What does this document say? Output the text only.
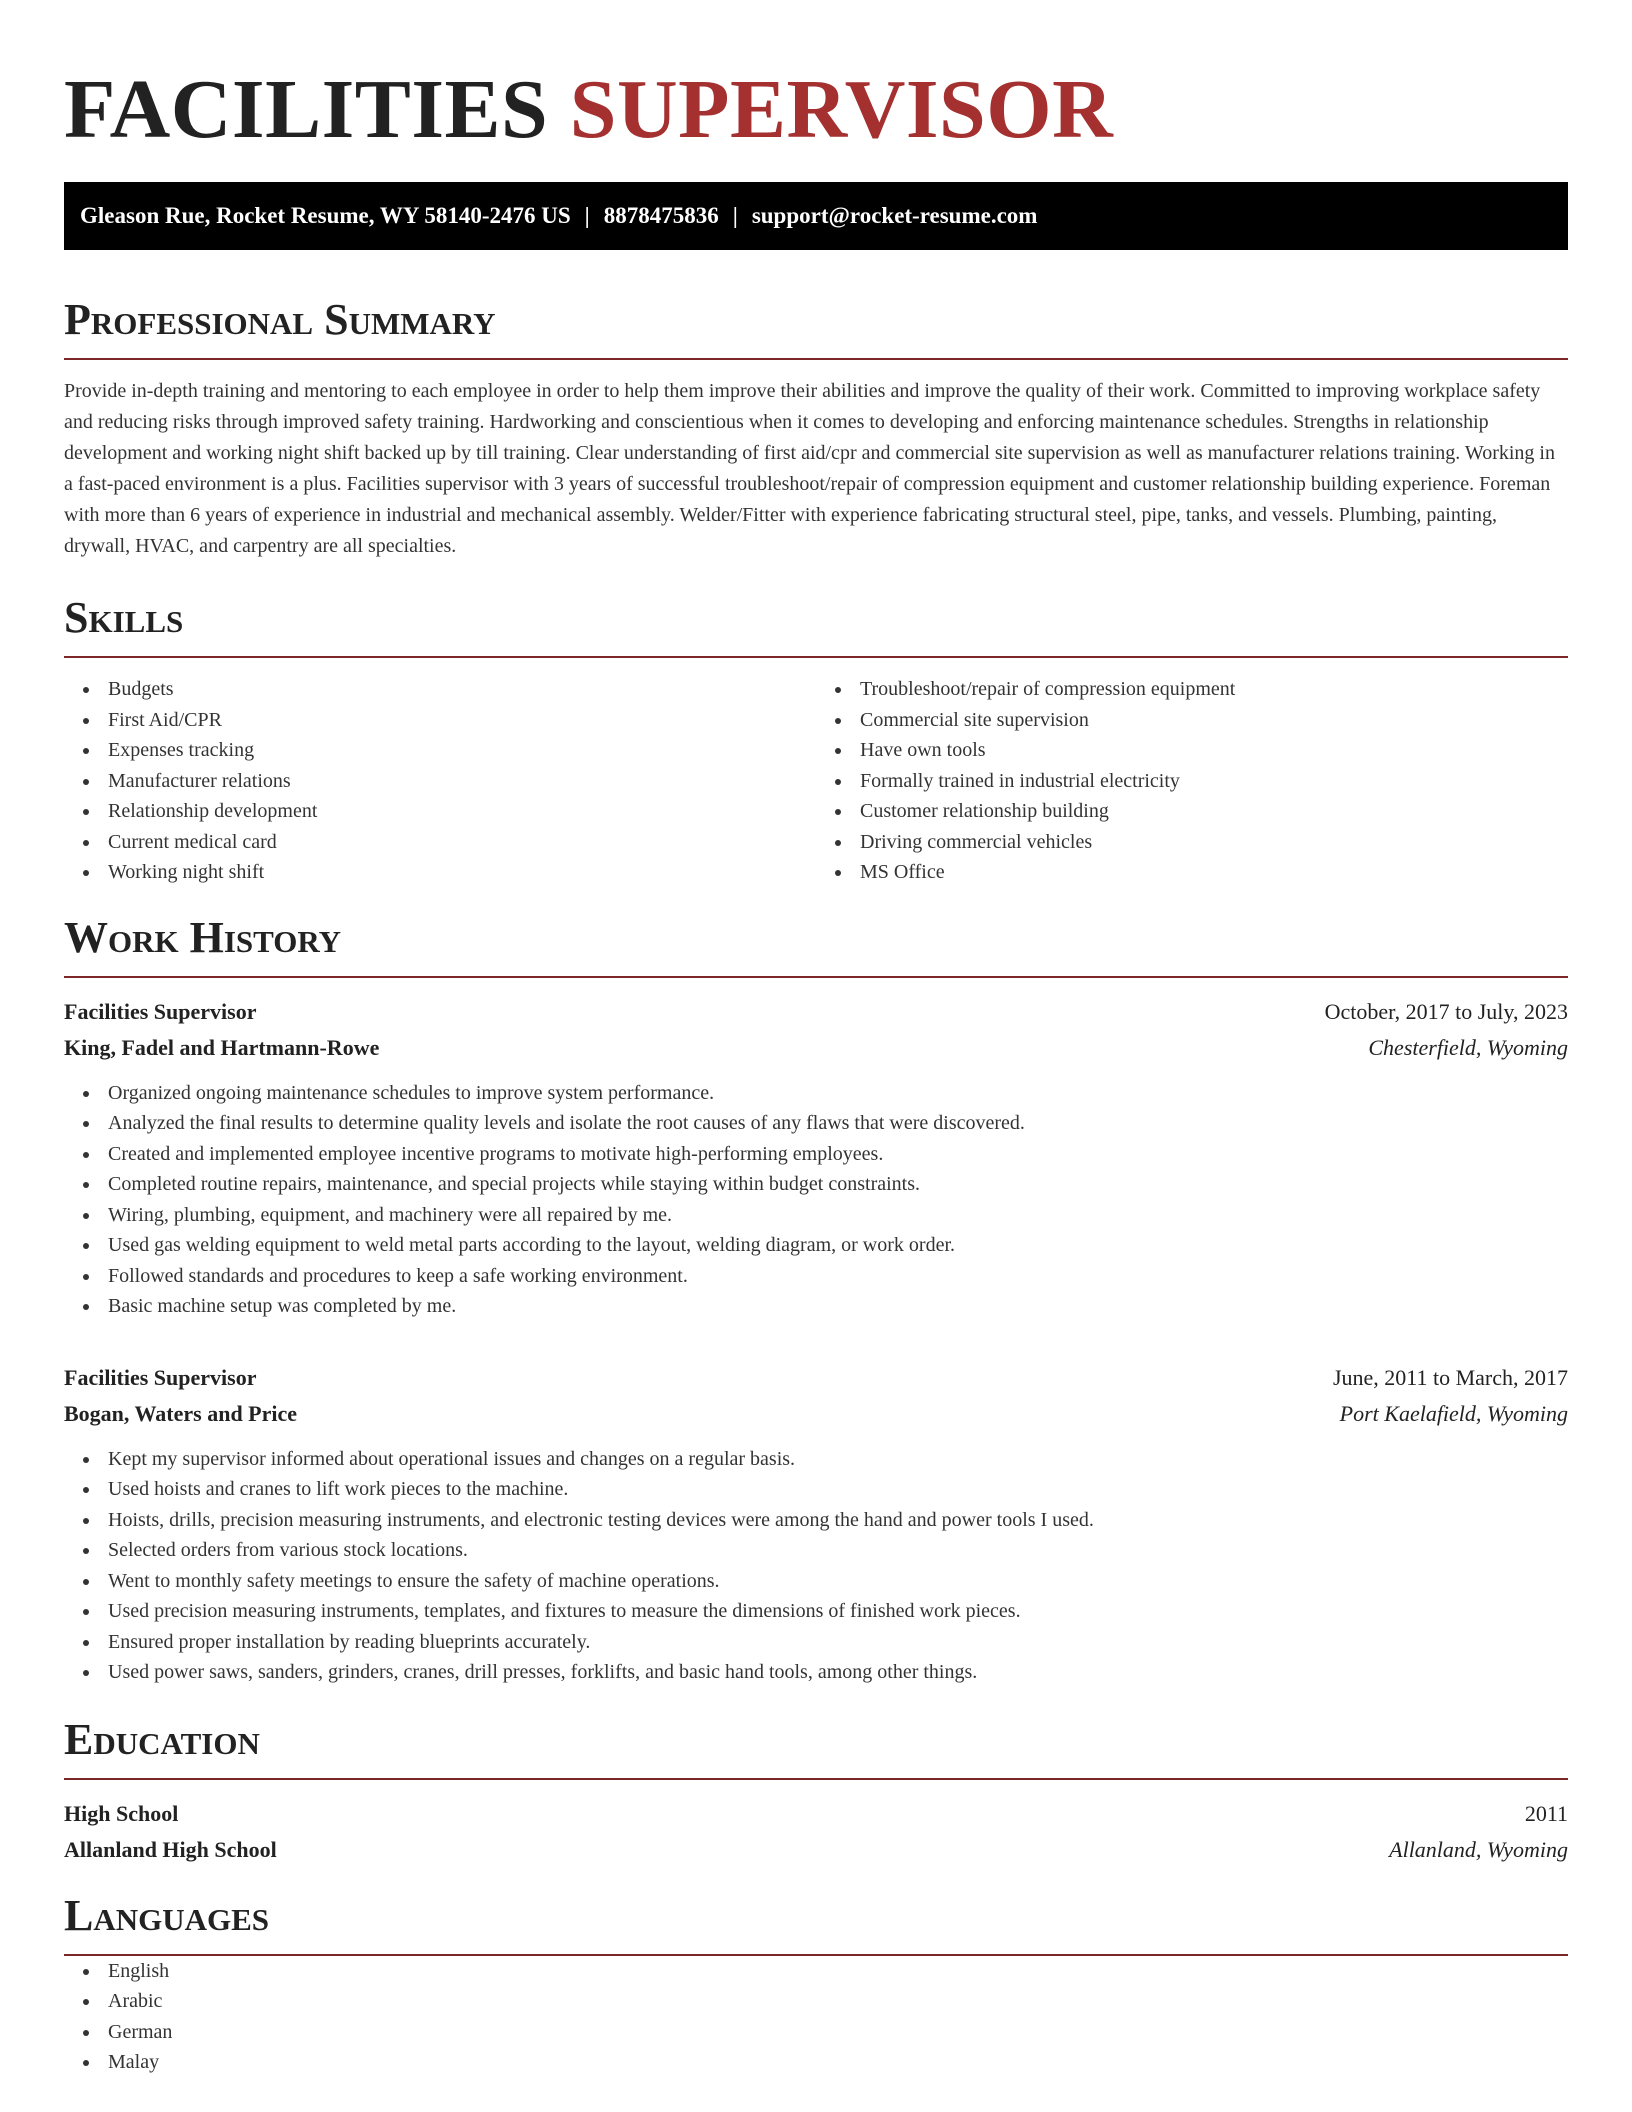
FACILITIES SUPERVISOR
Gleason Rue, Rocket Resume, WY 58140-2476 US | 8878475836 | support@rocket-resume.com
Professional Summary

Provide in-depth training and mentoring to each employee in order to help them improve their abilities and improve the quality of their work. Committed to improving workplace safety and reducing risks through improved safety training. Hardworking and conscientious when it comes to developing and enforcing maintenance schedules. Strengths in relationship development and working night shift backed up by till training. Clear understanding of first aid/cpr and commercial site supervision as well as manufacturer relations training. Working in a fast-paced environment is a plus. Facilities supervisor with 3 years of successful troubleshoot/repair of compression equipment and customer relationship building experience. Foreman with more than 6 years of experience in industrial and mechanical assembly. Welder/Fitter with experience fabricating structural steel, pipe, tanks, and vessels. Plumbing, painting, drywall, HVAC, and carpentry are all specialties.

Skills
Budgets
First Aid/CPR
Expenses tracking
Manufacturer relations
Relationship development
Current medical card
Working night shift
Troubleshoot/repair of compression equipment
Commercial site supervision
Have own tools
Formally trained in industrial electricity
Customer relationship building
Driving commercial vehicles
MS Office
Work History
Facilities Supervisor	October, 2017 to July, 2023
King, Fadel and Hartmann-Rowe	Chesterfield, Wyoming
Organized ongoing maintenance schedules to improve system performance.
Analyzed the final results to determine quality levels and isolate the root causes of any flaws that were discovered.
Created and implemented employee incentive programs to motivate high-performing employees.
Completed routine repairs, maintenance, and special projects while staying within budget constraints.
Wiring, plumbing, equipment, and machinery were all repaired by me.
Used gas welding equipment to weld metal parts according to the layout, welding diagram, or work order.
Followed standards and procedures to keep a safe working environment.
Basic machine setup was completed by me.
Facilities Supervisor	June, 2011 to March, 2017
Bogan, Waters and Price	Port Kaelafield, Wyoming
Kept my supervisor informed about operational issues and changes on a regular basis.
Used hoists and cranes to lift work pieces to the machine.
Hoists, drills, precision measuring instruments, and electronic testing devices were among the hand and power tools I used.
Selected orders from various stock locations.
Went to monthly safety meetings to ensure the safety of machine operations.
Used precision measuring instruments, templates, and fixtures to measure the dimensions of finished work pieces.
Ensured proper installation by reading blueprints accurately.
Used power saws, sanders, grinders, cranes, drill presses, forklifts, and basic hand tools, among other things.
Education
High School	2011
Allanland High School	Allanland, Wyoming
Languages
English
Arabic
German
Malay
